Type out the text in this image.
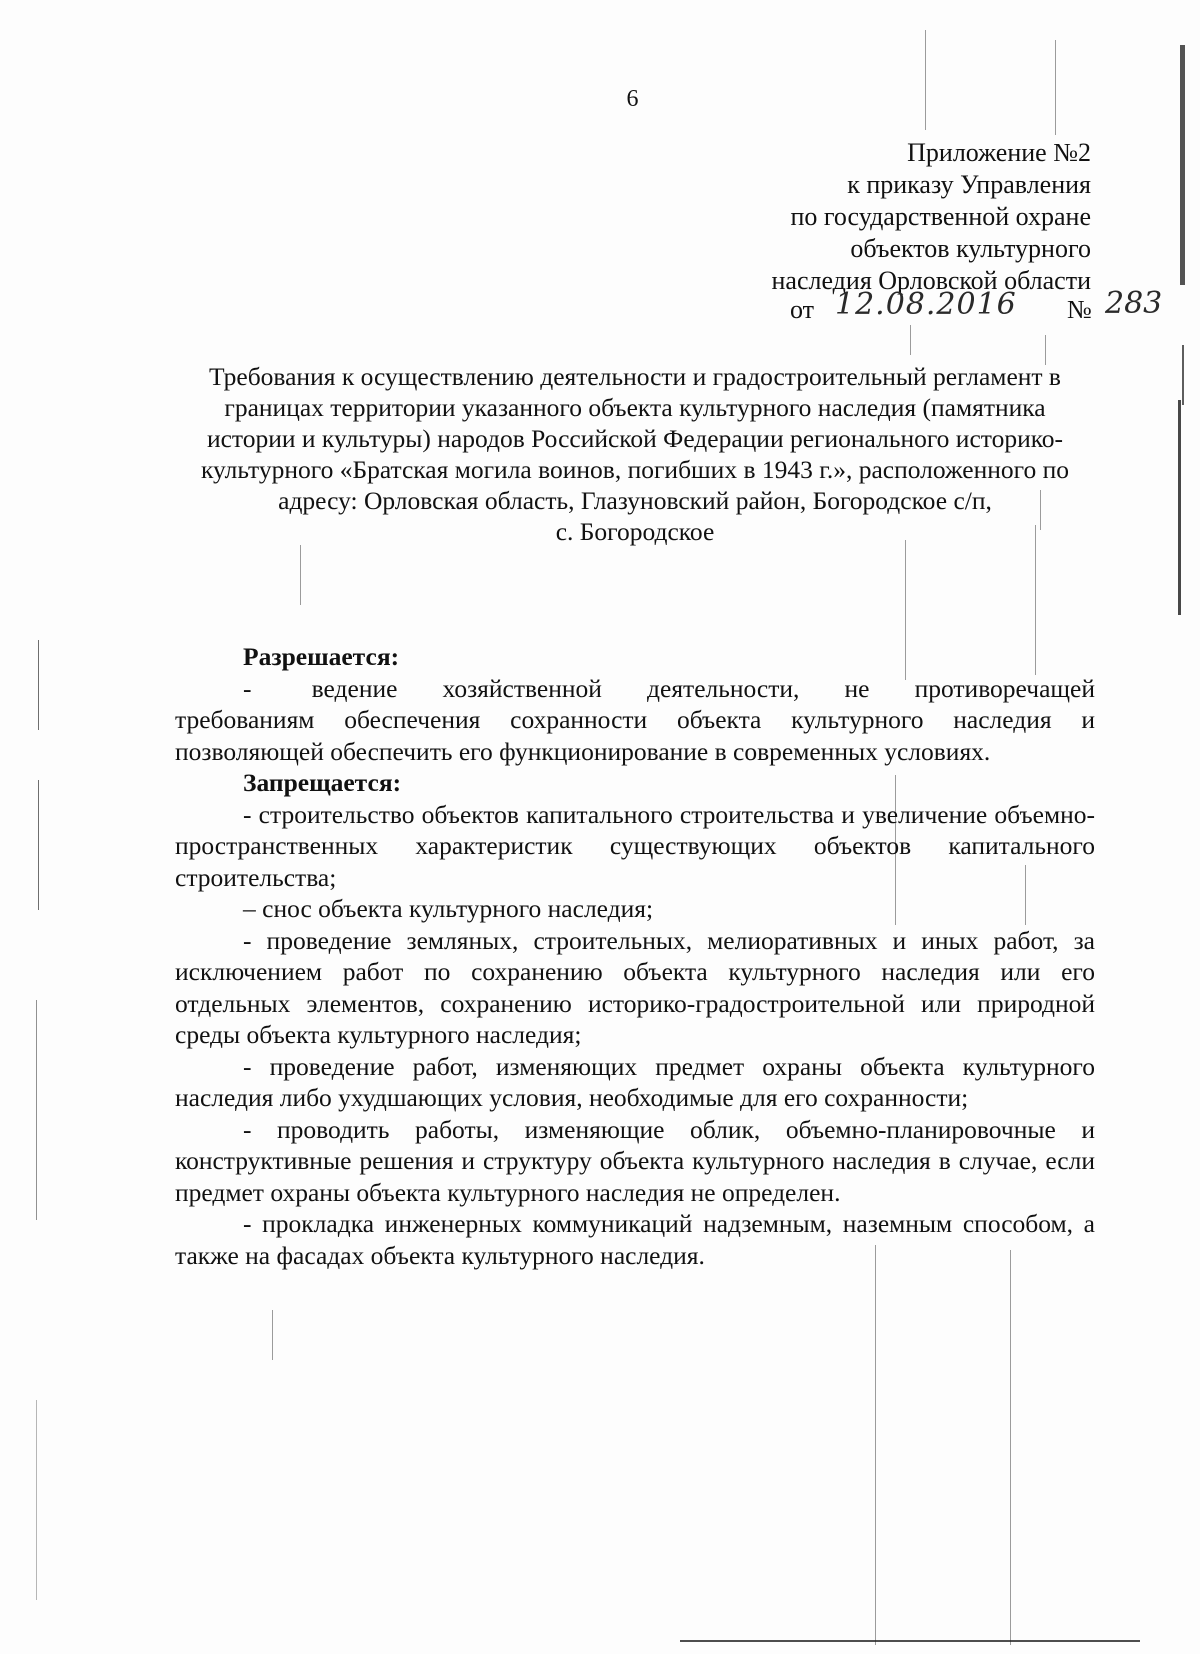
6
Приложение №2
к приказу Управления
по государственной охране
объектов культурного
наследия Орловской области
от 12.08.2016 № 283
Требования к осуществлению деятельности и градостроительный регламент в
границах территории указанного объекта культурного наследия (памятника
истории и культуры) народов Российской Федерации регионального историко-
культурного «Братская могила воинов, погибших в 1943 г.», расположенного по
адресу: Орловская область, Глазуновский район, Богородское с/п,
с. Богородское
Разрешается:
-        ведение      хозяйственной      деятельности,      не      противоречащей требованиям обеспечения сохранности объекта культурного наследия и позволяющей обеспечить его функционирование в современных условиях.
Запрещается:
- строительство объектов капитального строительства и увеличение объемно-пространственных характеристик существующих объектов капитального строительства;
– снос объекта культурного наследия;
- проведение земляных, строительных, мелиоративных и иных работ, за исключением работ по сохранению объекта культурного наследия или его отдельных элементов, сохранению историко-градостроительной или природной среды объекта культурного наследия;
- проведение работ, изменяющих предмет охраны объекта культурного наследия либо ухудшающих условия, необходимые для его сохранности;
- проводить работы, изменяющие облик, объемно-планировочные и конструктивные решения и структуру объекта культурного наследия в случае, если предмет охраны объекта культурного наследия не определен.
- прокладка инженерных коммуникаций надземным, наземным способом, а также на фасадах объекта культурного наследия.
